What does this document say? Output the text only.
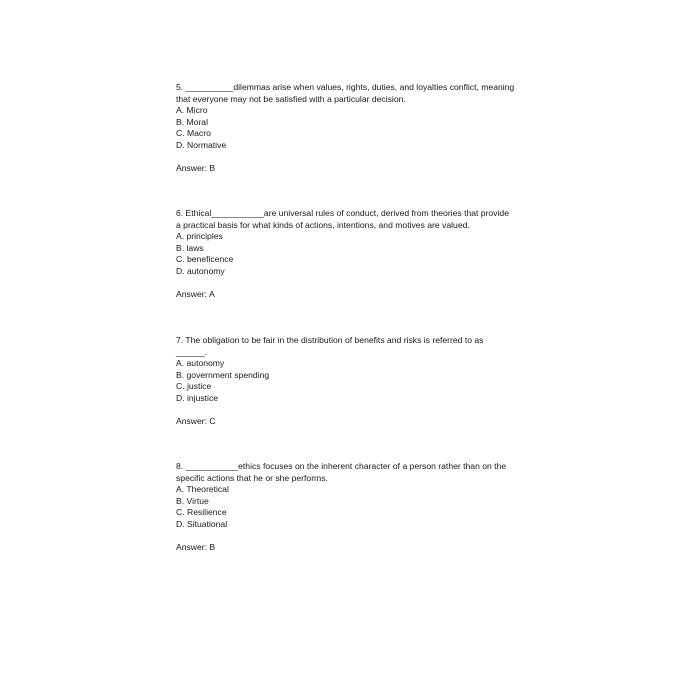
5. __________dilemmas arise when values, rights, duties, and loyalties conflict, meaning
that everyone may not be satisfied with a particular decision.

A. Micro
B. Moral
C. Macro
D. Normative

Answer: B

6. Ethical___________are universal rules of conduct, derived from theories that provide
a practical basis for what kinds of actions, intentions, and motives are valued.

A. principles
B. laws
C. beneficence
D. autonomy

Answer: A

7. The obligation to be fair in the distribution of benefits and risks is referred to as
______.

A. autonomy
B. government spending
C. justice
D. injustice

Answer: C

8. ___________ethics focuses on the inherent character of a person rather than on the
specific actions that he or she performs.

A. Theoretical
B. Virtue
C. Resilience
D. Situational

Answer: B
